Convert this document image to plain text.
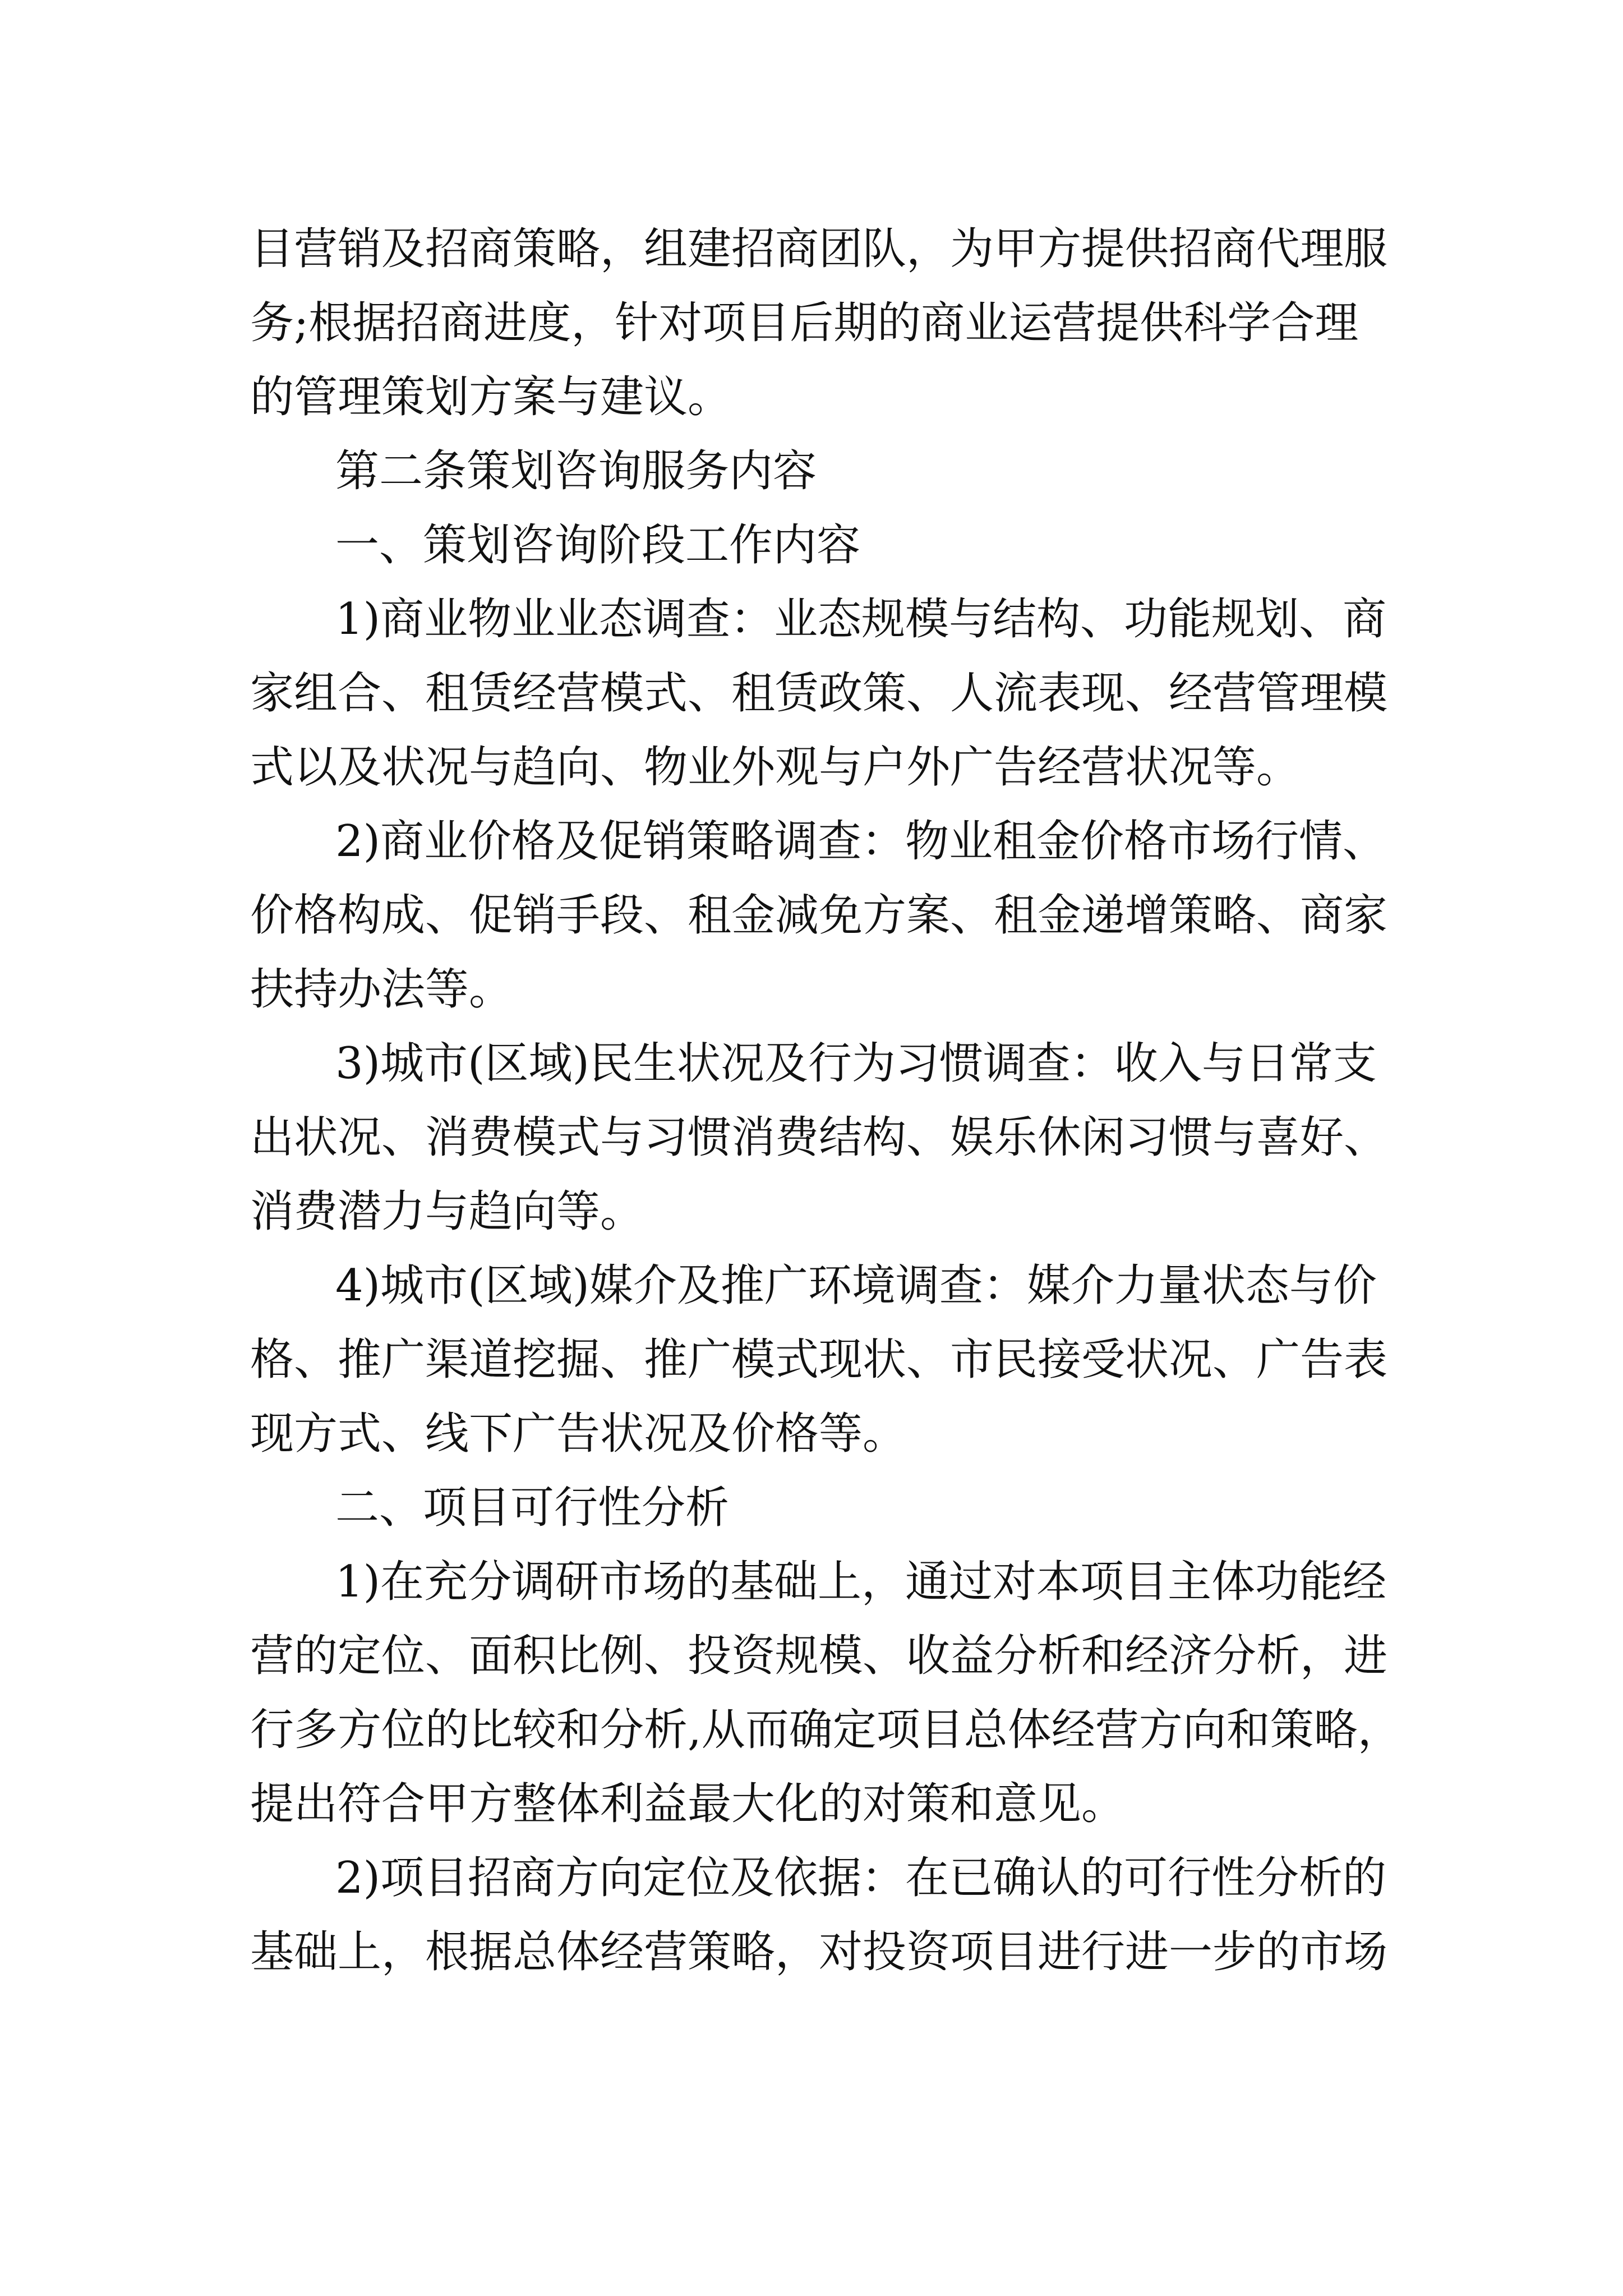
目营销及招商策略，组建招商团队，为甲方提供招商代理服
务;根据招商进度，针对项目后期的商业运营提供科学合理
的管理策划方案与建议。
第二条策划咨询服务内容
一、策划咨询阶段工作内容
1)商业物业业态调查：业态规模与结构、功能规划、商
家组合、租赁经营模式、租赁政策、人流表现、经营管理模
式以及状况与趋向、物业外观与户外广告经营状况等。
2)商业价格及促销策略调查：物业租金价格市场行情、
价格构成、促销手段、租金减免方案、租金递增策略、商家
扶持办法等。
3)城市(区域)民生状况及行为习惯调查：收入与日常支
出状况、消费模式与习惯消费结构、娱乐休闲习惯与喜好、
消费潜力与趋向等。
4)城市(区域)媒介及推广环境调查：媒介力量状态与价
格、推广渠道挖掘、推广模式现状、市民接受状况、广告表
现方式、线下广告状况及价格等。
二、项目可行性分析
1)在充分调研市场的基础上，通过对本项目主体功能经
营的定位、面积比例、投资规模、收益分析和经济分析，进
行多方位的比较和分析,从而确定项目总体经营方向和策略，
提出符合甲方整体利益最大化的对策和意见。
2)项目招商方向定位及依据：在已确认的可行性分析的
基础上，根据总体经营策略，对投资项目进行进一步的市场
